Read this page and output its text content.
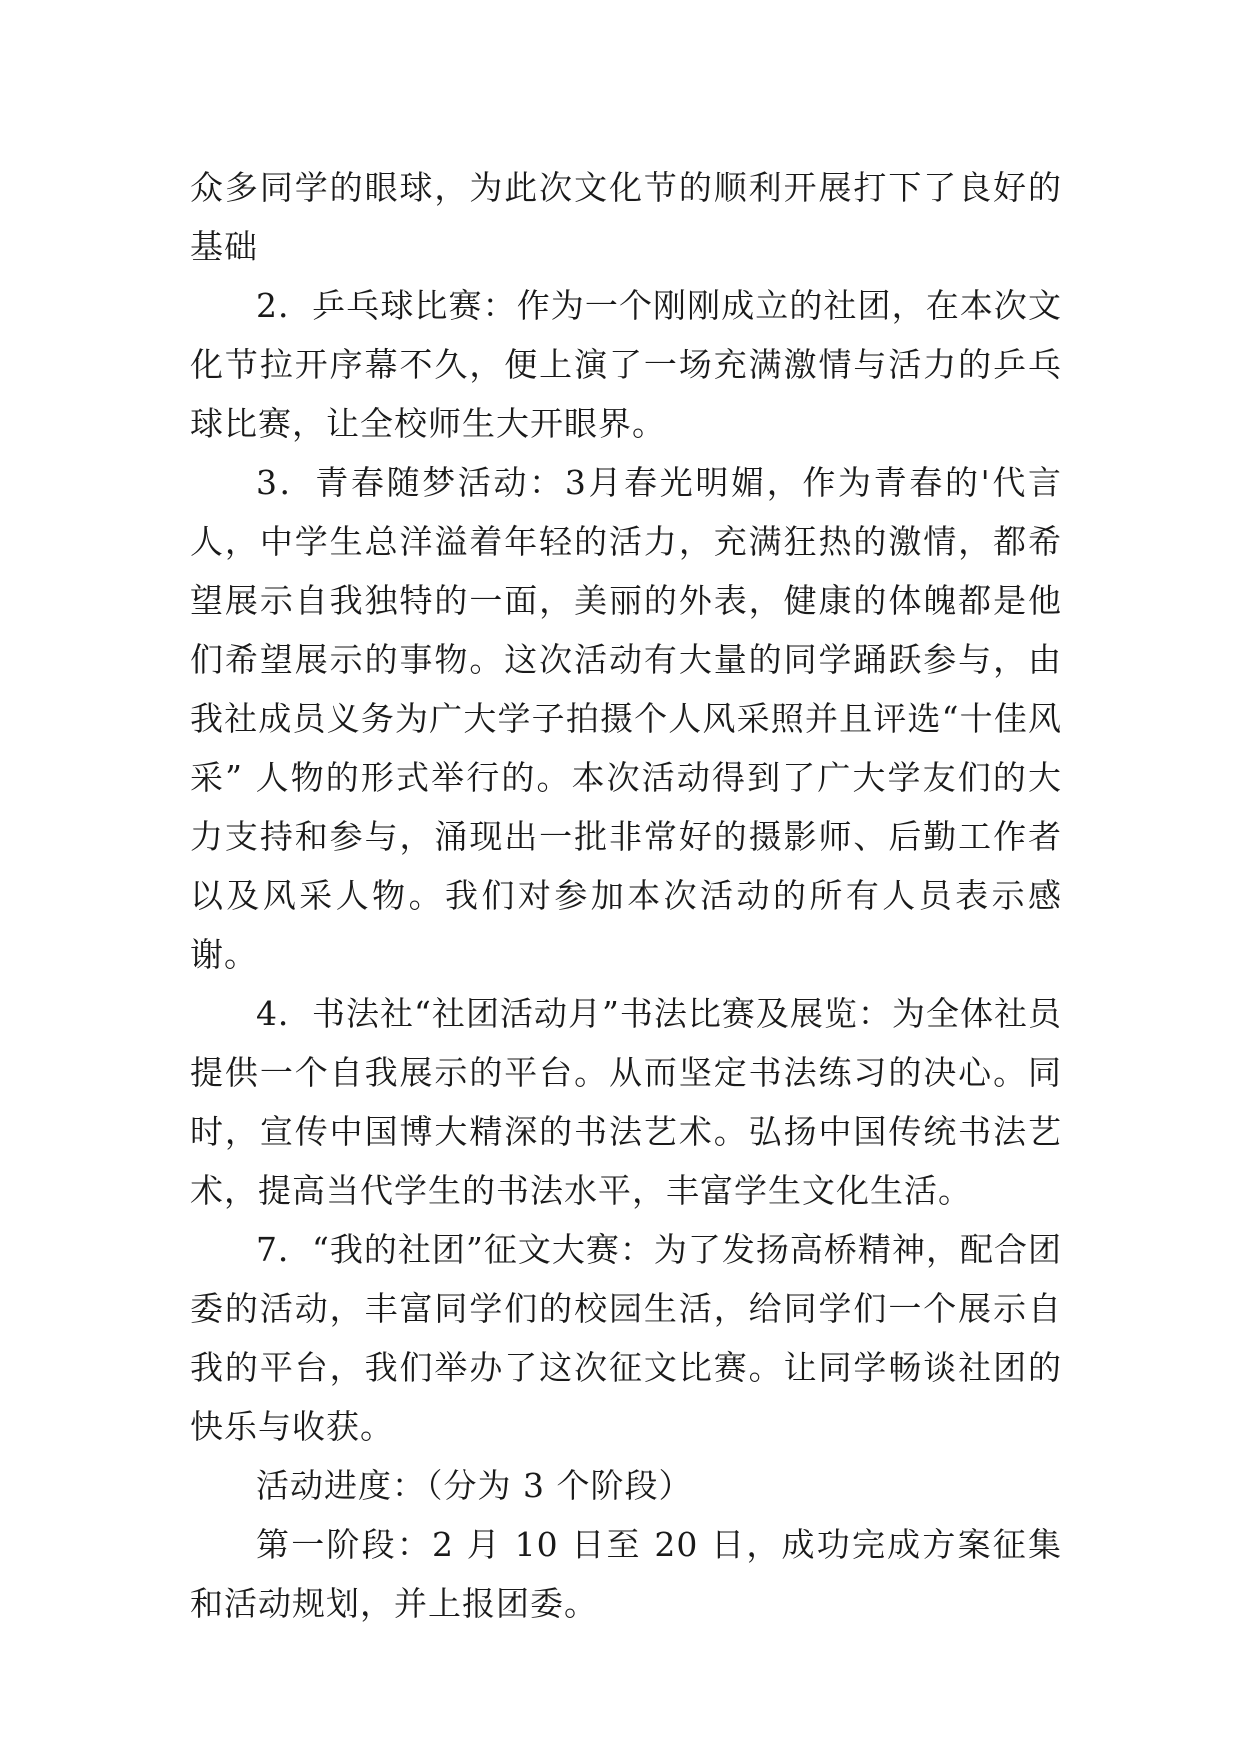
众多同学的眼球，为此次文化节的顺利开展打下了良好的基础

2．乒乓球比赛：作为一个刚刚成立的社团，在本次文化节拉开序幕不久，便上演了一场充满激情与活力的乒乓球比赛，让全校师生大开眼界。

3．青春随梦活动：3月春光明媚，作为青春的'代言人，中学生总洋溢着年轻的活力，充满狂热的激情，都希望展示自我独特的一面，美丽的外表，健康的体魄都是他们希望展示的事物。这次活动有大量的同学踊跃参与，由我社成员义务为广大学子拍摄个人风采照并且评选“十佳风采” 人物的形式举行的。本次活动得到了广大学友们的大力支持和参与，涌现出一批非常好的摄影师、后勤工作者以及风采人物。我们对参加本次活动的所有人员表示感谢。

4．书法社“社团活动月”书法比赛及展览：为全体社员提供一个自我展示的平台。从而坚定书法练习的决心。同时，宣传中国博大精深的书法艺术。弘扬中国传统书法艺术，提高当代学生的书法水平，丰富学生文化生活。

7．“我的社团”征文大赛：为了发扬高桥精神，配合团委的活动，丰富同学们的校园生活，给同学们一个展示自我的平台，我们举办了这次征文比赛。让同学畅谈社团的快乐与收获。

活动进度：（分为 3 个阶段）

第一阶段：2 月 10 日至 20 日，成功完成方案征集和活动规划，并上报团委。
